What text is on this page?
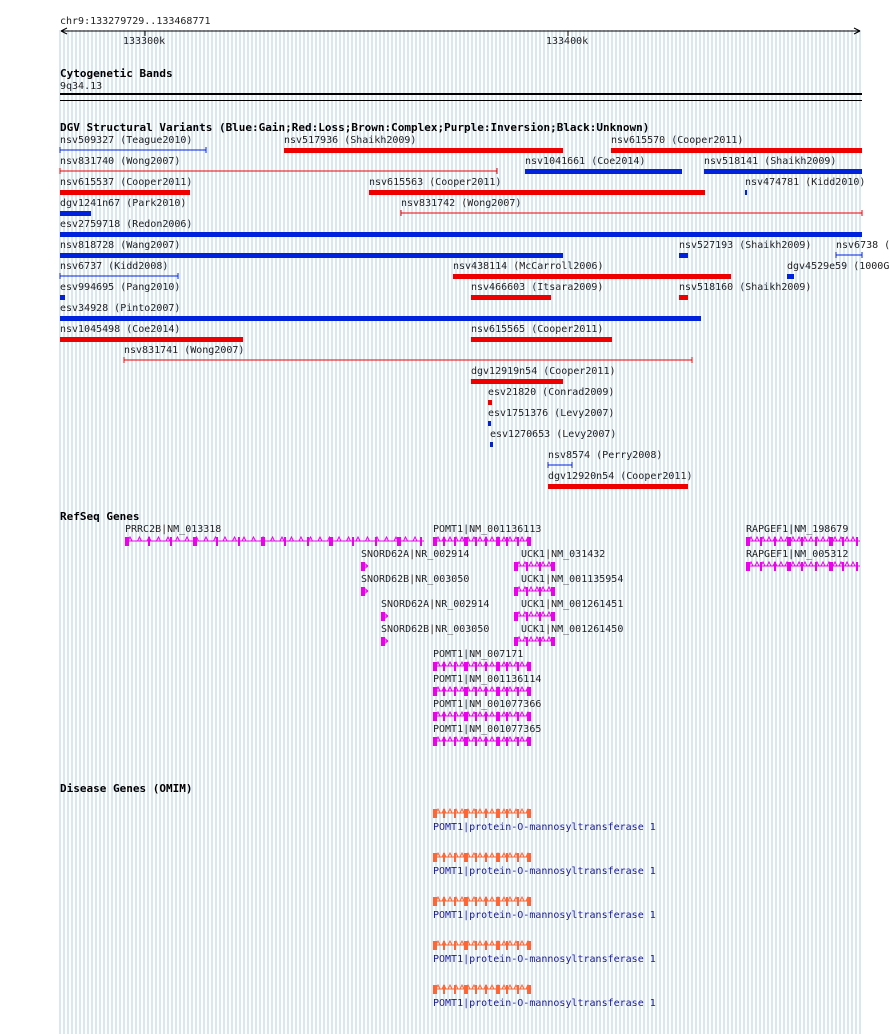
chr9:133279729..133468771
133300k	133400k
Cytogenetic Bands
9q34.13
DGV Structural Variants (Blue:Gain;Red:Loss;Brown:Complex;Purple:Inversion;Black:Unknown)
nsv509327 (Teague2010)	nsv517936 (Shaikh2009)	nsv615570 (Cooper2011)
nsv831740 (Wong2007)	nsv1041661 (Coe2014)	nsv518141 (Shaikh2009)
nsv615537 (Cooper2011)	nsv615563 (Cooper2011)	nsv474781 (Kidd2010)
dgv1241n67 (Park2010)	nsv831742 (Wong2007)
esv2759718 (Redon2006)
nsv818728 (Wang2007)	nsv527193 (Shaikh2009) nsv6738 (
nsv6737 (Kidd2008)	nsv438114 (McCarroll2006)	dgv4529e59 (1000G
esv994695 (Pang2010)	nsv466603 (Itsara2009)	nsv518160 (Shaikh2009)
esv34928 (Pinto2007)
nsv1045498 (Coe2014)	nsv615565 (Cooper2011)
nsv831741 (Wong2007)
dgv12919n54 (Cooper2011)
esv21820 (Conrad2009)
esv1751376 (Levy2007)
esv1270653 (Levy2007)
nsv8574 (Perry2008)
dgv12920n54 (Cooper2011)
RefSeq Genes
PRRC2B|NM_013318	POMT1|NM_001136113	RAPGEF1|NM_198679
SNORD62A|NR_002914	UCK1|NM_031432	RAPGEF1|NM_005312
SNORD62B|NR_003050	UCK1|NM_001135954
SNORD62A|NR_002914	UCK1|NM_001261451
SNORD62B|NR_003050	UCK1|NM_001261450
POMT1|NM_007171
POMT1|NM_001136114
POMT1|NM_001077366
POMT1|NM_001077365
Disease Genes (OMIM)
POMT1|protein-O-mannosyltransferase 1
POMT1|protein-O-mannosyltransferase 1
POMT1|protein-O-mannosyltransferase 1
POMT1|protein-O-mannosyltransferase 1
POMT1|protein-O-mannosyltransferase 1
